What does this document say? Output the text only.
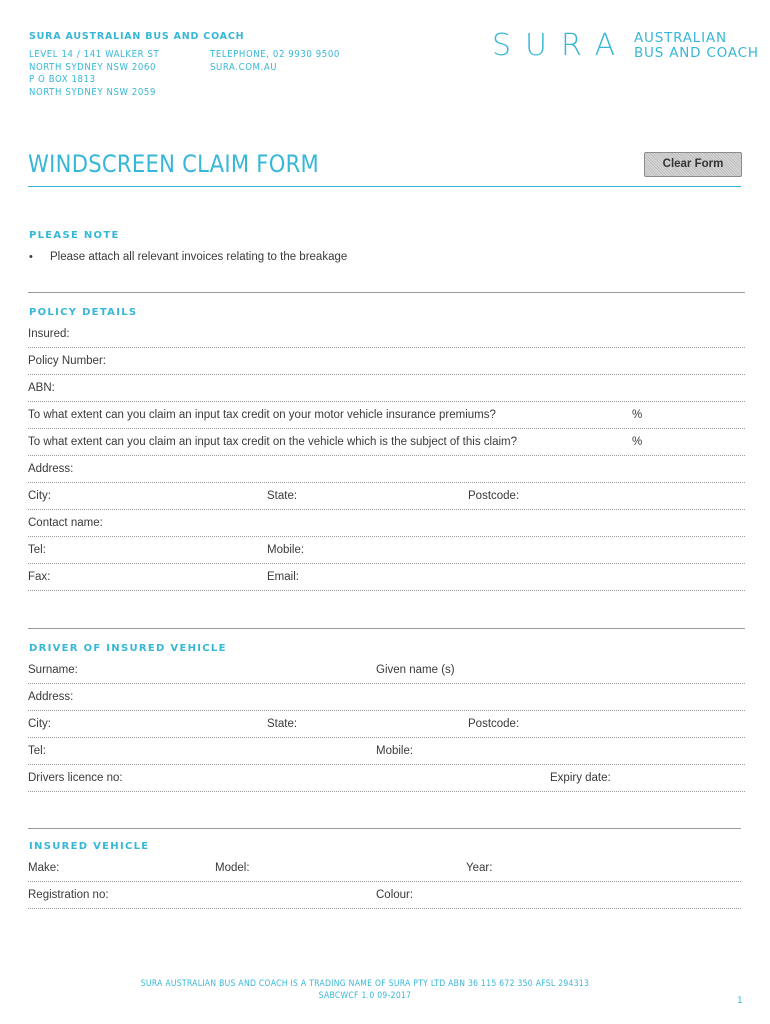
SURA AUSTRALIAN BUS AND COACH
LEVEL 14 / 141 WALKER ST
NORTH SYDNEY NSW 2060
P O BOX 1813
NORTH SYDNEY NSW 2059
TELEPHONE, 02 9930 9500
SURA.COM.AU
SURA AUSTRALIAN
BUS AND COACH
WINDSCREEN CLAIM FORM	Clear Form
PLEASE NOTE
• Please attach all relevant invoices relating to the breakage
POLICY DETAILS
Insured:
Policy Number:
ABN:
To what extent can you claim an input tax credit on your motor vehicle insurance premiums?	%
To what extent can you claim an input tax credit on the vehicle which is the subject of this claim?	%
Address:
City:	State:	Postcode:
Contact name:
Tel:	Mobile:
Fax:	Email:
DRIVER OF INSURED VEHICLE
Surname:	Given name (s)
Address:
City:	State:	Postcode:
Tel:	Mobile:
Drivers licence no:	Expiry date:
INSURED VEHICLE
Make:	Model:	Year:
Registration no:	Colour:
SURA AUSTRALIAN BUS AND COACH IS A TRADING NAME OF SURA PTY LTD ABN 36 115 672 350 AFSL 294313
SABCWCF 1.0 09-2017	1
